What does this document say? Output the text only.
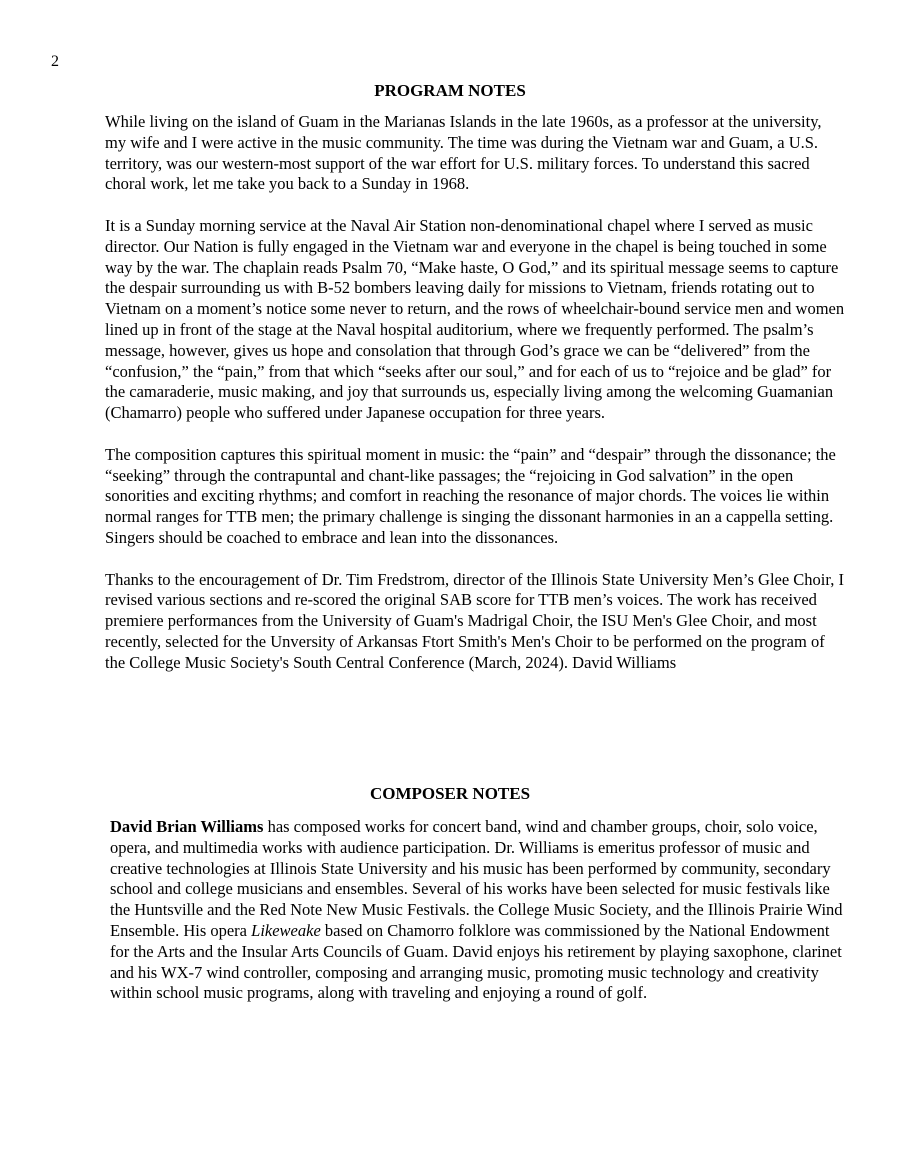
2
PROGRAM NOTES

While living on the island of Guam in the Marianas Islands in the late 1960s, as a professor at the university, my wife and I were active in the music community. The time was during the Vietnam war and Guam, a U.S. territory, was our western-most support of the war effort for U.S. military forces. To understand this sacred choral work, let me take you back to a Sunday in 1968.

It is a Sunday morning service at the Naval Air Station non-denominational chapel where I served as music director. Our Nation is fully engaged in the Vietnam war and everyone in the chapel is being touched in some way by the war. The chaplain reads Psalm 70, “Make haste, O God,” and its spiritual message seems to capture the despair surrounding us with B-52 bombers leaving daily for missions to Vietnam, friends rotating out to Vietnam on a moment’s notice some never to return, and the rows of wheelchair-bound service men and women lined up in front of the stage at the Naval hospital auditorium, where we frequently performed. The psalm’s message, however, gives us hope and consolation that through God’s grace we can be “delivered” from the “confusion,” the “pain,” from that which “seeks after our soul,” and for each of us to “rejoice and be glad” for the camaraderie, music making, and joy that surrounds us, especially living among the welcoming Guamanian (Chamarro) people who suffered under Japanese occupation for three years.

The composition captures this spiritual moment in music: the “pain” and “despair” through the dissonance; the “seeking” through the contrapuntal and chant-like passages; the “rejoicing in God salvation” in the open sonorities and exciting rhythms; and comfort in reaching the resonance of major chords. The voices lie within normal ranges for TTB men; the primary challenge is singing the dissonant harmonies in an a cappella setting. Singers should be coached to embrace and lean into the dissonances.

Thanks to the encouragement of Dr. Tim Fredstrom, director of the Illinois State University Men’s Glee Choir, I revised various sections and re-scored the original SAB score for TTB men’s voices. The work has received premiere performances from the University of Guam's Madrigal Choir, the ISU Men's Glee Choir, and most recently, selected for the Unversity of Arkansas Ftort Smith's Men's Choir to be performed on the program of the College Music Society's South Central Conference (March, 2024). David Williams

COMPOSER NOTES

David Brian Williams has composed works for concert band, wind and chamber groups, choir, solo voice, opera, and multimedia works with audience participation. Dr. Williams is emeritus professor of music and creative technologies at Illinois State University and his music has been performed by community, secondary school and college musicians and ensembles. Several of his works have been selected for music festivals like the Huntsville and the Red Note New Music Festivals. the College Music Society, and the Illinois Prairie Wind Ensemble. His opera Likeweake based on Chamorro folklore was commissioned by the National Endowment for the Arts and the Insular Arts Councils of Guam. David enjoys his retirement by playing saxophone, clarinet and his WX-7 wind controller, composing and arranging music, promoting music technology and creativity within school music programs, along with traveling and enjoying a round of golf.
